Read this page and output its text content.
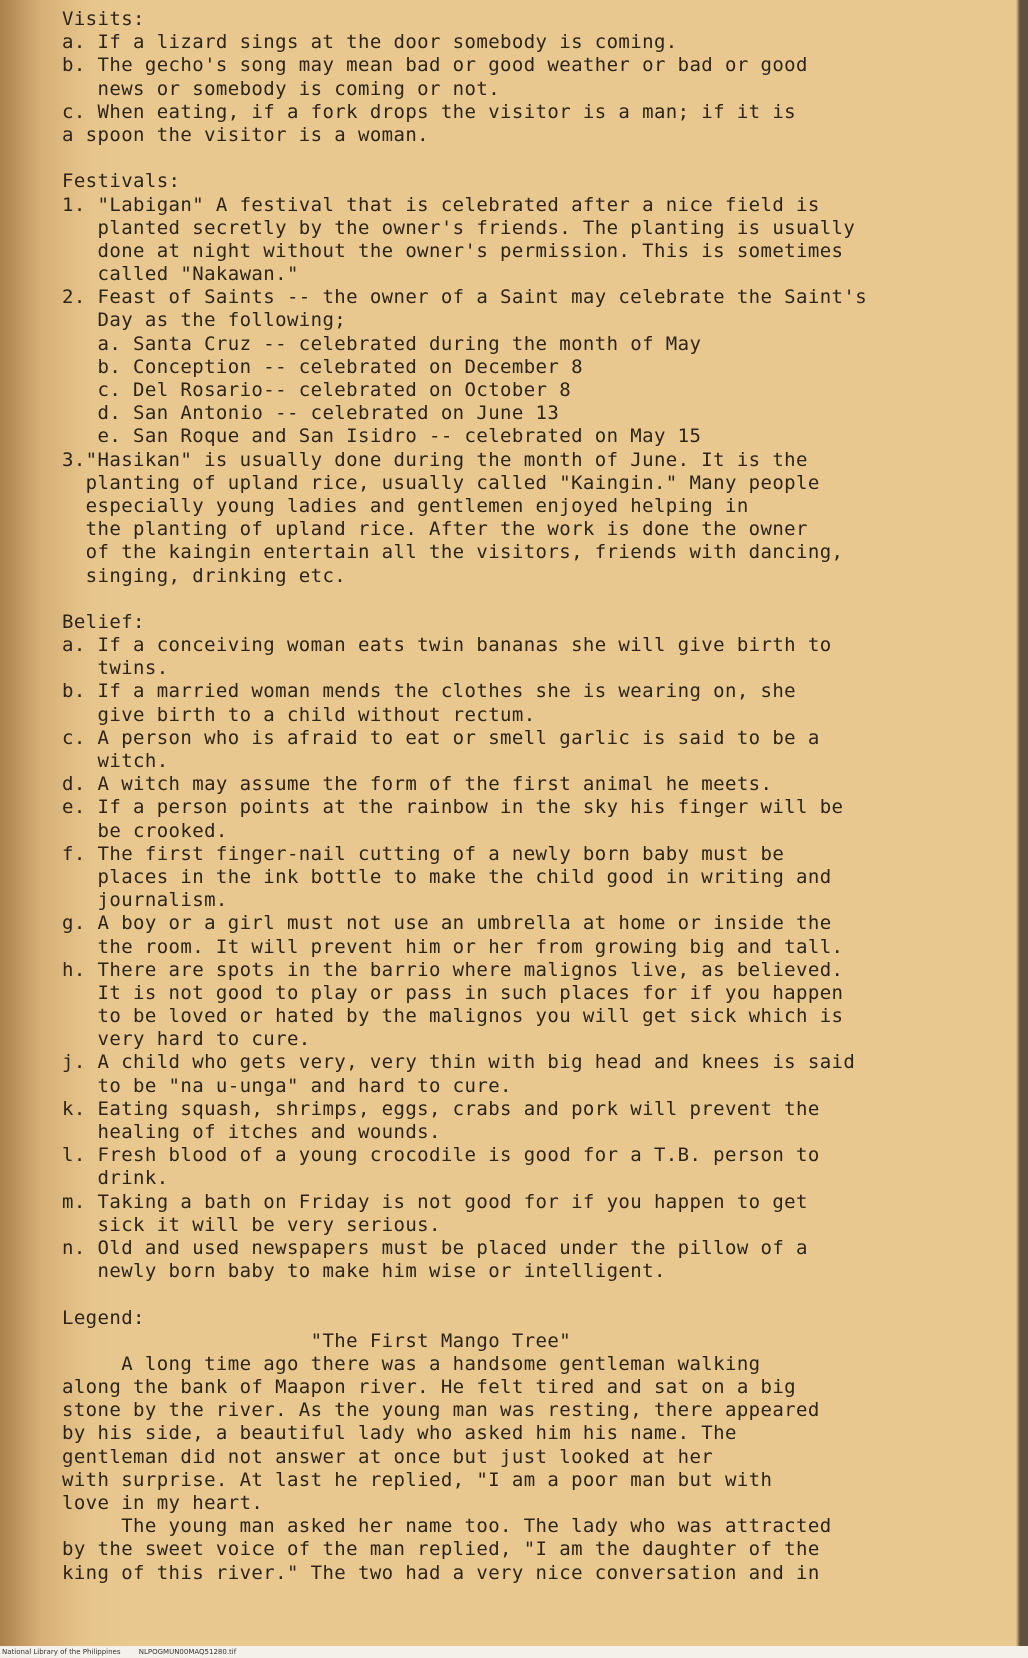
Visits:
a. If a lizard sings at the door somebody is coming.
b. The gecho's song may mean bad or good weather or bad or good
news or somebody is coming or not.
c. When eating, if a fork drops the visitor is a man; if it is
a spoon the visitor is a woman.
Festivals:
1. "Labigan" A festival that is celebrated after a nice field is
planted secretly by the owner's friends. The planting is usually
done at night without the owner's permission. This is sometimes
called "Nakawan."
2. Feast of Saints -- the owner of a Saint may celebrate the Saint's
Day as the following;
a. Santa Cruz -- celebrated during the month of May
b. Conception -- celebrated on December 8
c. Del Rosario-- celebrated on October 8
d. San Antonio -- celebrated on June 13
e. San Roque and San Isidro -- celebrated on May 15
3."Hasikan" is usually done during the month of June. It is the
planting of upland rice, usually called "Kaingin." Many people
especially young ladies and gentlemen enjoyed helping in
the planting of upland rice. After the work is done the owner
of the kaingin entertain all the visitors, friends with dancing,
singing, drinking etc.
Belief:
a. If a conceiving woman eats twin bananas she will give birth to
twins.
b. If a married woman mends the clothes she is wearing on, she
give birth to a child without rectum.
c. A person who is afraid to eat or smell garlic is said to be a
witch.
d. A witch may assume the form of the first animal he meets.
e. If a person points at the rainbow in the sky his finger will be
be crooked.
f. The first finger-nail cutting of a newly born baby must be
places in the ink bottle to make the child good in writing and
journalism.
g. A boy or a girl must not use an umbrella at home or inside the
the room. It will prevent him or her from growing big and tall.
h. There are spots in the barrio where malignos live, as believed.
It is not good to play or pass in such places for if you happen
to be loved or hated by the malignos you will get sick which is
very hard to cure.
j. A child who gets very, very thin with big head and knees is said
to be "na u-unga" and hard to cure.
k. Eating squash, shrimps, eggs, crabs and pork will prevent the
healing of itches and wounds.
l. Fresh blood of a young crocodile is good for a T.B. person to
drink.
m. Taking a bath on Friday is not good for if you happen to get
sick it will be very serious.
n. Old and used newspapers must be placed under the pillow of a
newly born baby to make him wise or intelligent.
Legend:
"The First Mango Tree"
A long time ago there was a handsome gentleman walking
along the bank of Maapon river. He felt tired and sat on a big
stone by the river. As the young man was resting, there appeared
by his side, a beautiful lady who asked him his name. The
gentleman did not answer at once but just looked at her
with surprise. At last he replied, "I am a poor man but with
love in my heart.
The young man asked her name too. The lady who was attracted
by the sweet voice of the man replied, "I am the daughter of the
king of this river." The two had a very nice conversation and in
National Library of the Philippines	NLPOGMUN00MAQ51280.tif
